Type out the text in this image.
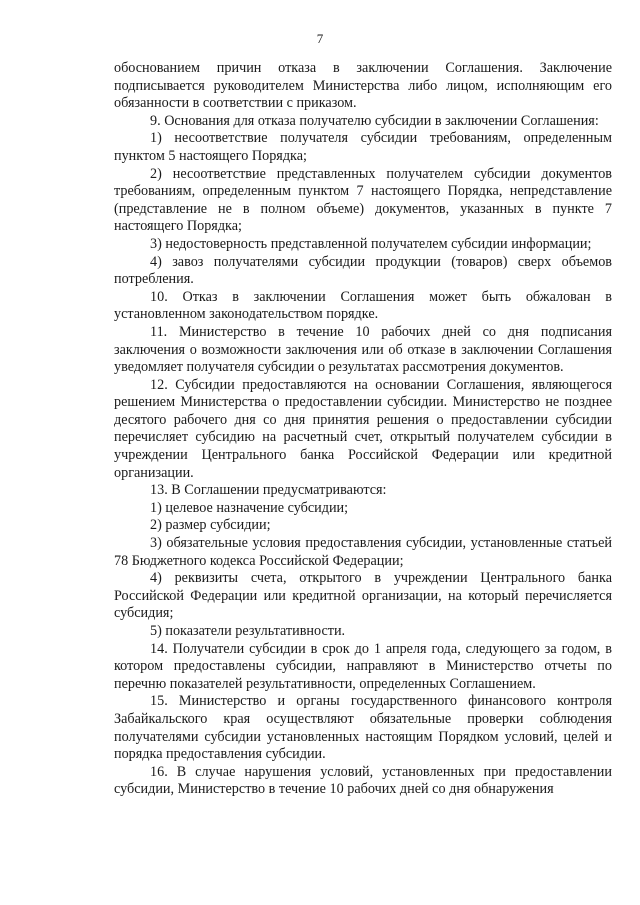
7

обоснованием причин отказа в заключении Соглашения. Заключение подписывается руководителем Министерства либо лицом, исполняющим его обязанности в соответствии с приказом.

9. Основания для отказа получателю субсидии в заключении Соглашения:

1) несоответствие получателя субсидии требованиям, определенным пунктом 5 настоящего Порядка;

2) несоответствие представленных получателем субсидии документов требованиям, определенным пунктом 7 настоящего Порядка, непредставление (представление не в полном объеме) документов, указанных в пункте 7 настоящего Порядка;

3) недостоверность представленной получателем субсидии информации;

4) завоз получателями субсидии продукции (товаров) сверх объемов потребления.

10. Отказ в заключении Соглашения может быть обжалован в установленном законодательством порядке.

11. Министерство в течение 10 рабочих дней со дня подписания заключения о возможности заключения или об отказе в заключении Соглашения уведомляет получателя субсидии о результатах рассмотрения документов.

12. Субсидии предоставляются на основании Соглашения, являющегося решением Министерства о предоставлении субсидии. Министерство не позднее десятого рабочего дня со дня принятия решения о предоставлении субсидии перечисляет субсидию на расчетный счет, открытый получателем субсидии в учреждении Центрального банка Российской Федерации или кредитной организации.

13. В Соглашении предусматриваются:

1) целевое назначение субсидии;

2) размер субсидии;

3) обязательные условия предоставления субсидии, установленные статьей 78 Бюджетного кодекса Российской Федерации;

4) реквизиты счета, открытого в учреждении Центрального банка Российской Федерации или кредитной организации, на который перечисляется субсидия;

5) показатели результативности.

14. Получатели субсидии в срок до 1 апреля года, следующего за годом, в котором предоставлены субсидии, направляют в Министерство отчеты по перечню показателей результативности, определенных Соглашением.

15. Министерство и органы государственного финансового контроля Забайкальского края осуществляют обязательные проверки соблюдения получателями субсидии установленных настоящим Порядком условий, целей и порядка предоставления субсидии.

16. В случае нарушения условий, установленных при предоставлении субсидии, Министерство в течение 10 рабочих дней со дня обнаружения
